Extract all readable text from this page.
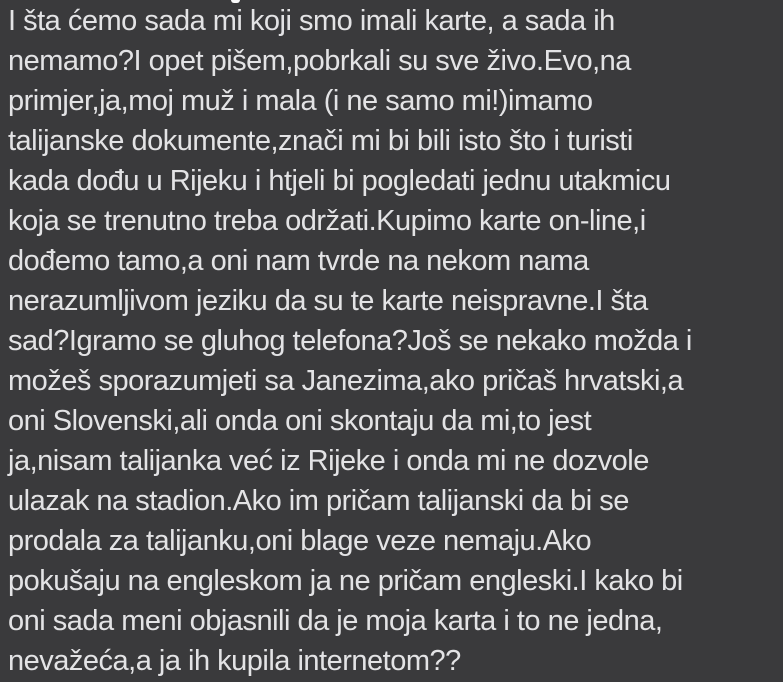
I šta ćemo sada mi koji smo imali karte, a sada ih
nemamo?I opet pišem,pobrkali su sve živo.Evo,na
primjer,ja,moj muž i mala (i ne samo mi!)imamo
talijanske dokumente,znači mi bi bili isto što i turisti
kada dođu u Rijeku i htjeli bi pogledati jednu utakmicu
koja se trenutno treba održati.Kupimo karte on-line,i
dođemo tamo,a oni nam tvrde na nekom nama
nerazumljivom jeziku da su te karte neispravne.I šta
sad?Igramo se gluhog telefona?Još se nekako možda i
možeš sporazumjeti sa Janezima,ako pričaš hrvatski,a
oni Slovenski,ali onda oni skontaju da mi,to jest
ja,nisam talijanka već iz Rijeke i onda mi ne dozvole
ulazak na stadion.Ako im pričam talijanski da bi se
prodala za talijanku,oni blage veze nemaju.Ako
pokušaju na engleskom ja ne pričam engleski.I kako bi
oni sada meni objasnili da je moja karta i to ne jedna,
nevažeća,a ja ih kupila internetom??
